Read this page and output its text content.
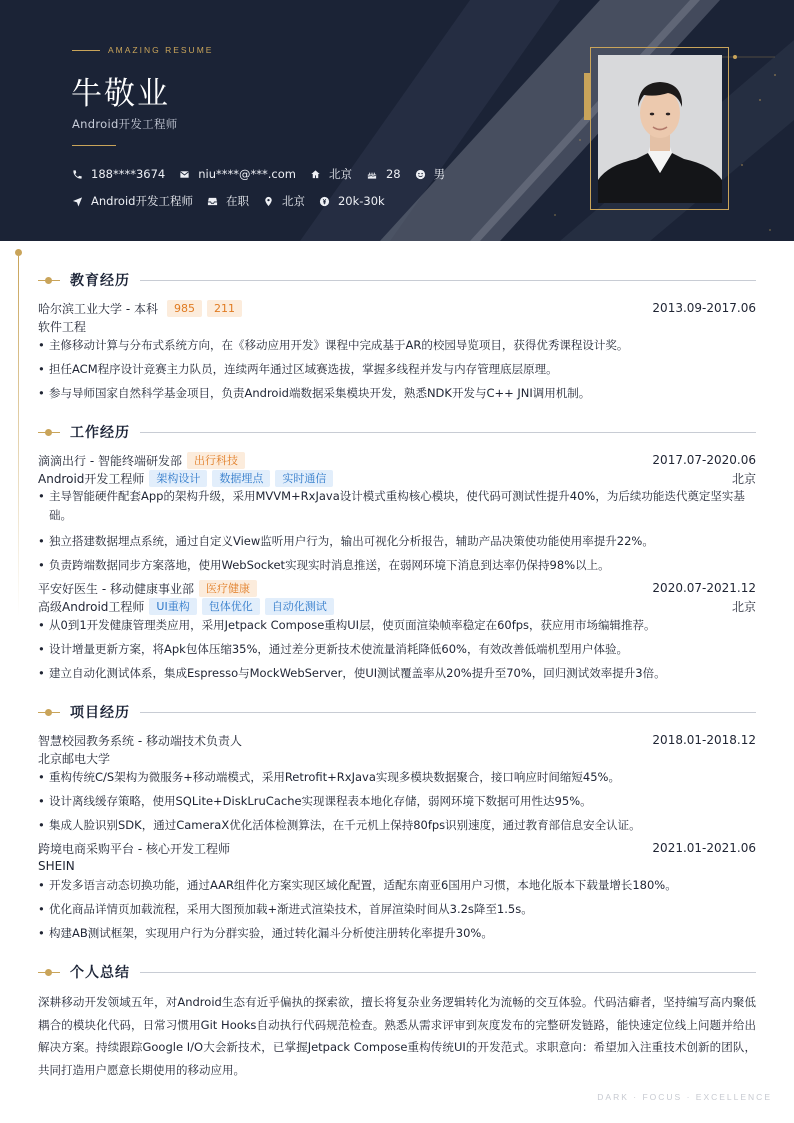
AMAZING RESUME
牛敬业
Android开发工程师
188****3674	niu****@***.com	北京	28	男
Android开发工程师	在职	北京	20k-30k
教育经历
哈尔滨工业大学 - 本科	985	211	2013.09-2017.06
软件工程
• 主修移动计算与分布式系统方向，在《移动应用开发》课程中完成基于AR的校园导览项目，获得优秀课程设计奖。
• 担任ACM程序设计竞赛主力队员，连续两年通过区域赛选拔，掌握多线程并发与内存管理底层原理。
• 参与导师国家自然科学基金项目，负责Android端数据采集模块开发，熟悉NDK开发与C++ JNI调用机制。
工作经历
滴滴出行 - 智能终端研发部	出行科技	2017.07-2020.06
Android开发工程师	架构设计	数据埋点	实时通信	北京
• 主导智能硬件配套App的架构升级，采用MVVM+RxJava设计模式重构核心模块，使代码可测试性提升40%，为后续功能迭代奠定坚实基础。
• 独立搭建数据埋点系统，通过自定义View监听用户行为，输出可视化分析报告，辅助产品决策使功能使用率提升22%。
• 负责跨端数据同步方案落地，使用WebSocket实现实时消息推送，在弱网环境下消息到达率仍保持98%以上。
平安好医生 - 移动健康事业部	医疗健康	2020.07-2021.12
高级Android工程师	UI重构	包体优化	自动化测试	北京
• 从0到1开发健康管理类应用，采用Jetpack Compose重构UI层，使页面渲染帧率稳定在60fps，获应用市场编辑推荐。
• 设计增量更新方案，将Apk包体压缩35%，通过差分更新技术使流量消耗降低60%，有效改善低端机型用户体验。
• 建立自动化测试体系，集成Espresso与MockWebServer，使UI测试覆盖率从20%提升至70%，回归测试效率提升3倍。
项目经历
智慧校园教务系统 - 移动端技术负责人	2018.01-2018.12
北京邮电大学
• 重构传统C/S架构为微服务+移动端模式，采用Retrofit+RxJava实现多模块数据聚合，接口响应时间缩短45%。
• 设计离线缓存策略，使用SQLite+DiskLruCache实现课程表本地化存储，弱网环境下数据可用性达95%。
• 集成人脸识别SDK，通过CameraX优化活体检测算法，在千元机上保持80fps识别速度，通过教育部信息安全认证。
跨境电商采购平台 - 核心开发工程师	2021.01-2021.06
SHEIN
• 开发多语言动态切换功能，通过AAR组件化方案实现区域化配置，适配东南亚6国用户习惯，本地化版本下载量增长180%。
• 优化商品详情页加载流程，采用大图预加载+渐进式渲染技术，首屏渲染时间从3.2s降至1.5s。
• 构建AB测试框架，实现用户行为分群实验，通过转化漏斗分析使注册转化率提升30%。
个人总结
深耕移动开发领域五年，对Android生态有近乎偏执的探索欲，擅长将复杂业务逻辑转化为流畅的交互体验。代码洁癖者，坚持编写高内聚低耦合的模块化代码，日常习惯用Git Hooks自动执行代码规范检查。熟悉从需求评审到灰度发布的完整研发链路，能快速定位线上问题并给出解决方案。持续跟踪Google I/O大会新技术，已掌握Jetpack Compose重构传统UI的开发范式。求职意向：希望加入注重技术创新的团队，共同打造用户愿意长期使用的移动应用。
DARK · FOCUS · EXCELLENCE
